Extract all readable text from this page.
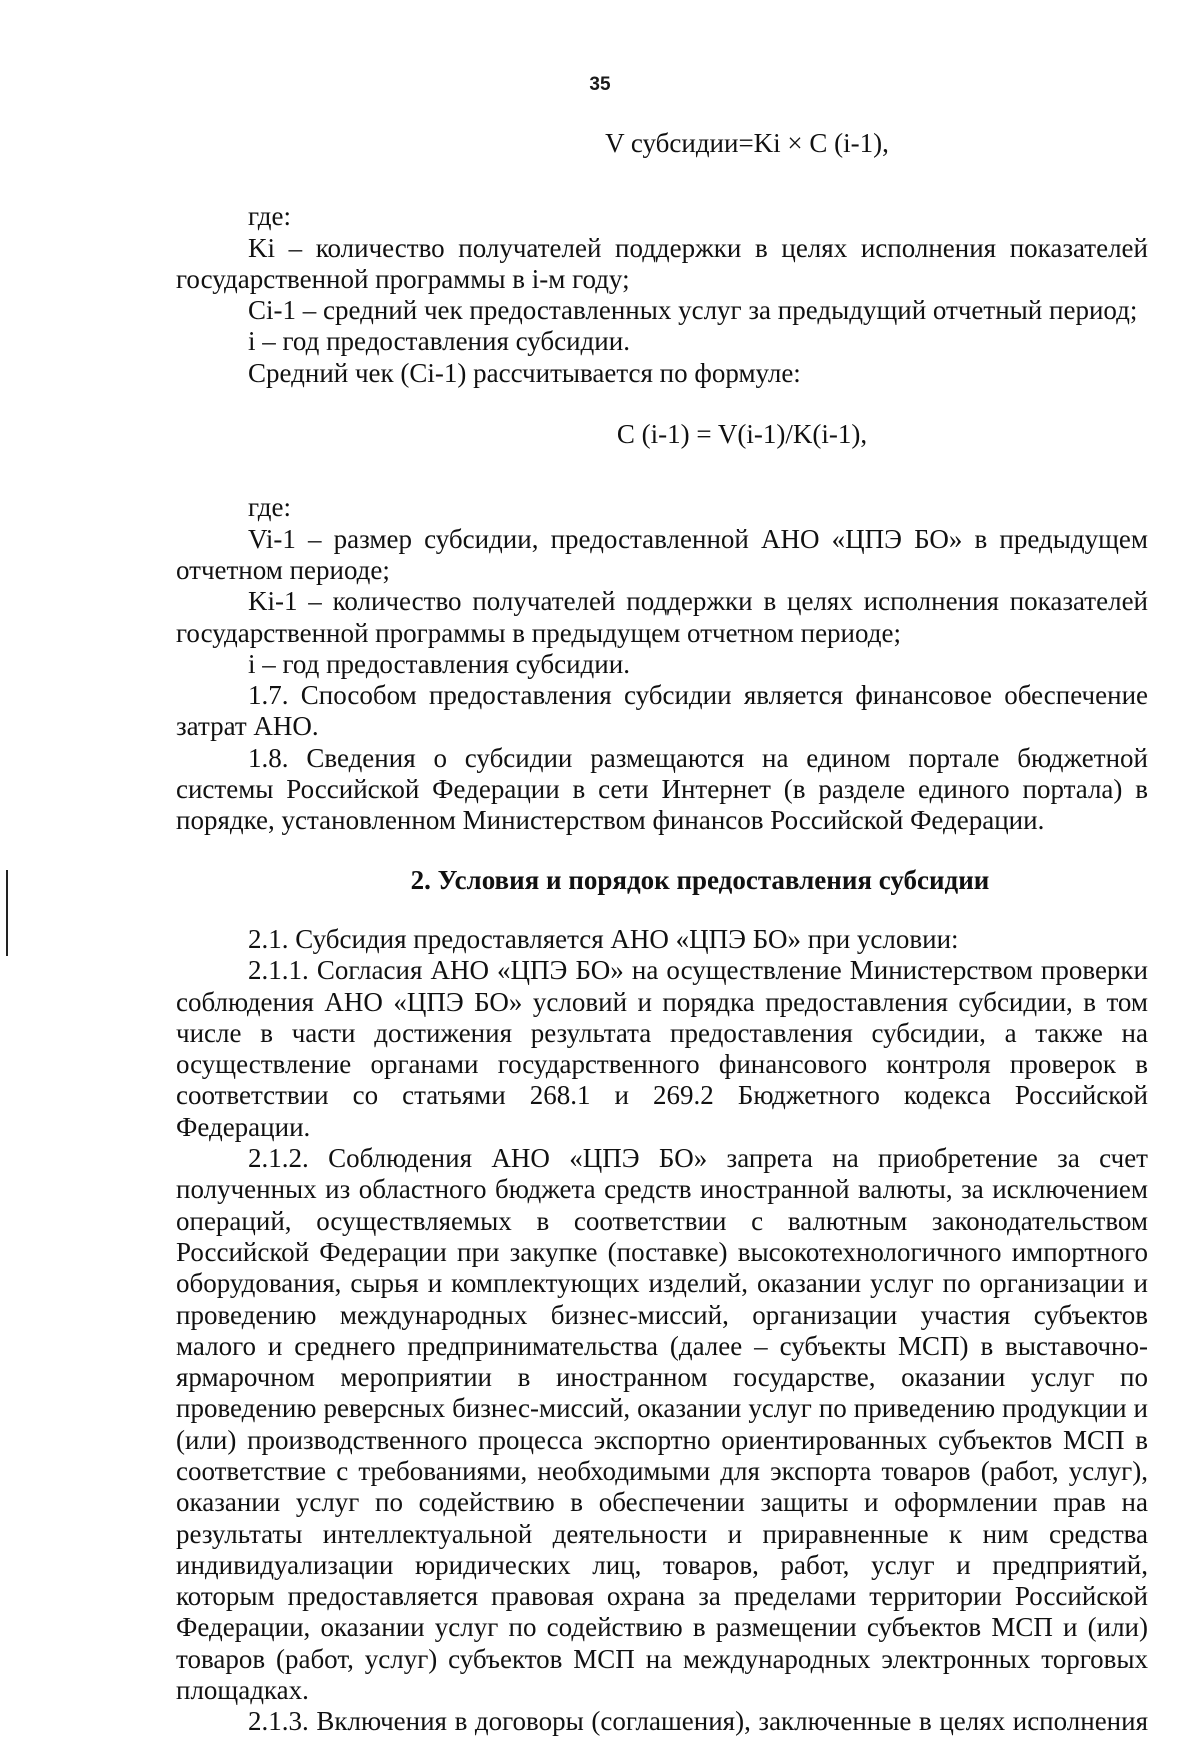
35

V субсидии=Ki × C (i-1),

где:

Ki – количество получателей поддержки в целях исполнения показателей государственной программы в i-м году;

Ci-1 – средний чек предоставленных услуг за предыдущий отчетный период;

i – год предоставления субсидии.

Средний чек (Ci-1) рассчитывается по формуле:

C (i-1) = V(i-1)/K(i-1),

где:

Vi-1 – размер субсидии, предоставленной АНО «ЦПЭ БО» в предыдущем отчетном периоде;

Ki-1 – количество получателей поддержки в целях исполнения показателей государственной программы в предыдущем отчетном периоде;

i – год предоставления субсидии.

1.7. Способом предоставления субсидии является финансовое обеспечение затрат АНО.

1.8. Сведения о субсидии размещаются на едином портале бюджетной системы Российской Федерации в сети Интернет (в разделе единого портала) в порядке, установленном Министерством финансов Российской Федерации.

2. Условия и порядок предоставления субсидии

2.1. Субсидия предоставляется АНО «ЦПЭ БО» при условии:

2.1.1. Согласия АНО «ЦПЭ БО» на осуществление Министерством проверки соблюдения АНО «ЦПЭ БО» условий и порядка предоставления субсидии, в том числе в части достижения результата предоставления субсидии, а также на осуществление органами государственного финансового контроля проверок в соответствии со статьями 268.1 и 269.2 Бюджетного кодекса Российской Федерации.

2.1.2. Соблюдения АНО «ЦПЭ БО» запрета на приобретение за счет полученных из областного бюджета средств иностранной валюты, за исключением операций, осуществляемых в соответствии с валютным законодательством Российской Федерации при закупке (поставке) высокотехнологичного импортного оборудования, сырья и комплектующих изделий, оказании услуг по организации и проведению международных бизнес-миссий, организации участия субъектов малого и среднего предпринимательства (далее – субъекты МСП) в выставочно-ярмарочном мероприятии в иностранном государстве, оказании услуг по проведению реверсных бизнес-миссий, оказании услуг по приведению продукции и (или) производственного процесса экспортно ориентированных субъектов МСП в соответствие с требованиями, необходимыми для экспорта товаров (работ, услуг), оказании услуг по содействию в обеспечении защиты и оформлении прав на результаты интеллектуальной деятельности и приравненные к ним средства индивидуализации юридических лиц, товаров, работ, услуг и предприятий, которым предоставляется правовая охрана за пределами территории Российской Федерации, оказании услуг по содействию в размещении субъектов МСП и (или) товаров (работ, услуг) субъектов МСП на международных электронных торговых площадках.

2.1.3. Включения в договоры (соглашения), заключенные в целях исполнения
